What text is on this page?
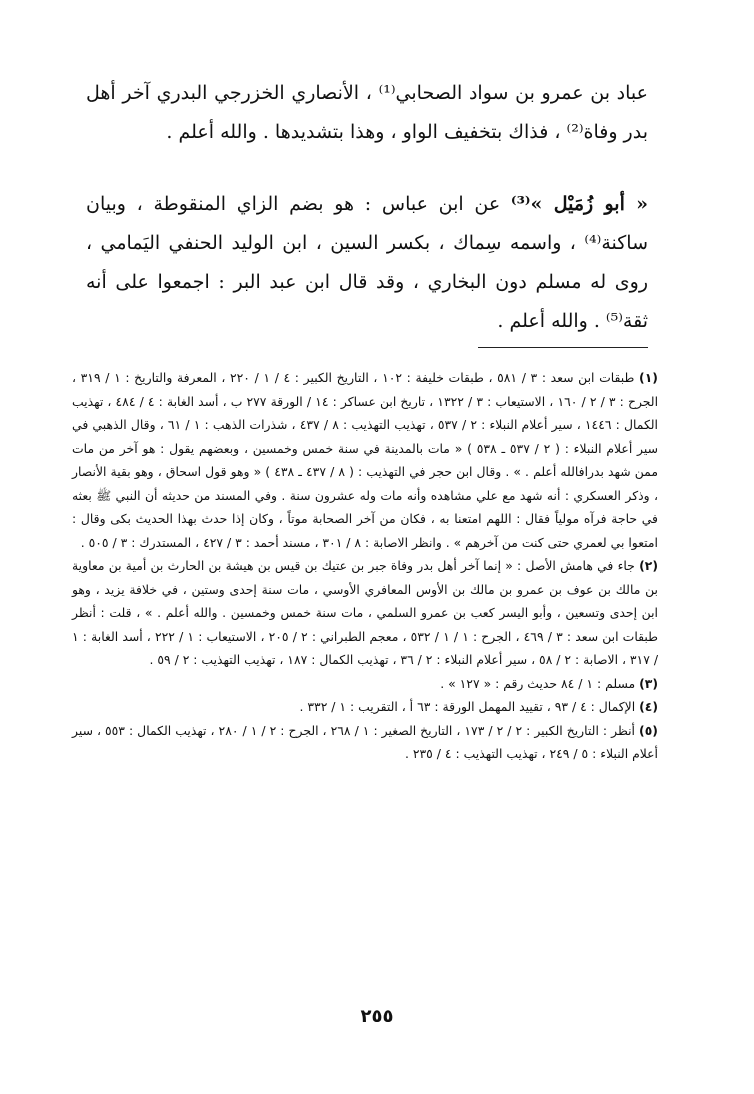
عباد بن عمرو بن سواد الصحابي⁽¹⁾ ، الأنصاري الخزرجي البدري آخر أهل بدر وفاة⁽²⁾ ، فذاك بتخفيف الواو ، وهذا بتشديدها . والله أعلم .

« أبو زُمَيْل »⁽³⁾ عن ابن عباس : هو بضم الزاي المنقوطة ، وبيان ساكنة⁽⁴⁾ ، واسمه سِماك ، بكسر السين ، ابن الوليد الحنفي اليَمامي ، روى له مسلم دون البخاري ، وقد قال ابن عبد البر : اجمعوا على أنه ثقة⁽⁵⁾ . والله أعلم .

(١) طبقات ابن سعد : ٣ / ٥٨١ ، طبقات خليفة : ١٠٢ ، التاريخ الكبير : ٤ / ١ / ٢٢٠ ، المعرفة والتاريخ : ١ / ٣١٩ ، الجرح : ٣ / ٢ / ١٦٠ ، الاستيعاب : ٣ / ١٣٢٢ ، تاريخ ابن عساكر : ١٤ / الورقة ٢٧٧ ب ، أسد الغابة : ٤ / ٤٨٤ ، تهذيب الكمال : ١٤٤٦ ، سير أعلام النبلاء : ٢ / ٥٣٧ ، تهذيب التهذيب : ٨ / ٤٣٧ ، شذرات الذهب : ١ / ٦١ ، وقال الذهبي في سير أعلام النبلاء : ( ٢ / ٥٣٧ ـ ٥٣٨ ) « مات بالمدينة في سنة خمس وخمسين ، وبعضهم يقول : هو آخر من مات ممن شهد بدرافالله أعلم . » . وقال ابن حجر في التهذيب : ( ٨ / ٤٣٧ ـ ٤٣٨ ) « وهو قول اسحاق ، وهو بقية الأنصار ، وذكر العسكري : أنه شهد مع علي مشاهده وأنه مات وله عشرون سنة . وفي المسند من حديثه أن النبي ﷺ بعثه في حاجة فرآه مولياً فقال : اللهم امتعنا به ، فكان من آخر الصحابة موتاً ، وكان إذا حدث بهذا الحديث بكى وقال : امتعوا بي لعمري حتى كنت من آخرهم » . وانظر الاصابة : ٨ / ٣٠١ ، مسند أحمد : ٣ / ٤٢٧ ، المستدرك : ٣ / ٥٠٥ .
(٢) جاء في هامش الأصل : « إنما آخر أهل بدر وفاة جبر بن عتيك بن قيس بن هيشة بن الحارث بن أمية بن معاوية بن مالك بن عوف بن عمرو بن مالك بن الأوس المعافري الأوسي ، مات سنة إحدى وستين ، في خلافة يزيد ، وهو ابن إحدى وتسعين ، وأبو اليسر كعب بن عمرو السلمي ، مات سنة خمس وخمسين . والله أعلم . » ، قلت : أنظر طبقات ابن سعد : ٣ / ٤٦٩ ، الجرح : ١ / ١ / ٥٣٢ ، معجم الطبراني : ٢ / ٢٠٥ ، الاستيعاب : ١ / ٢٢٢ ، أسد الغابة : ١ / ٣١٧ ، الاصابة : ٢ / ٥٨ ، سير أعلام النبلاء : ٢ / ٣٦ ، تهذيب الكمال : ١٨٧ ، تهذيب التهذيب : ٢ / ٥٩ .
(٣) مسلم : ١ / ٨٤ حديث رقم : « ١٢٧ » .
(٤) الإكمال : ٤ / ٩٣ ، تقييد المهمل الورقة : ٦٣ أ ، التقريب : ١ / ٣٣٢ .
(٥) أنظر : التاريخ الكبير : ٢ / ٢ / ١٧٣ ، التاريخ الصغير : ١ / ٢٦٨ ، الجرح : ٢ / ١ / ٢٨٠ ، تهذيب الكمال : ٥٥٣ ، سير أعلام النبلاء : ٥ / ٢٤٩ ، تهذيب التهذيب : ٤ / ٢٣٥ .
٢٥٥
